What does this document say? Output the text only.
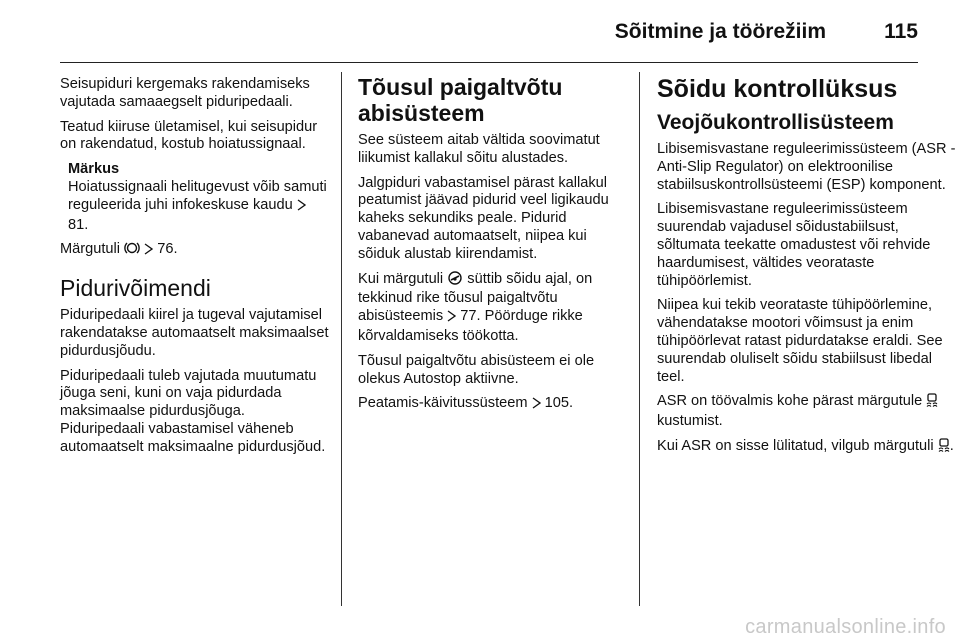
Sõitmine ja töörežiim	115

Seisupiduri kergemaks rakendamiseks vajutada samaaegselt piduripedaali.

Teatud kiiruse ületamisel, kui seisupidur on rakendatud, kostub hoiatussignaal.

Märkus

Hoiatussignaali helitugevust võib samuti reguleerida juhi infokeskuse kaudu  81.

Märgutuli	76.

Pidurivõimendi

Piduripedaali kiirel ja tugeval vajutamisel rakendatakse automaatselt maksimaalset pidurdusjõudu.

Piduripedaali tuleb vajutada muutumatu jõuga seni, kuni on vaja pidurdada maksimaalse pidurdusjõuga. Piduripedaali vabastamisel väheneb automaatselt maksimaalne pidurdusjõud.

Tõusul paigaltvõtu abisüsteem

See süsteem aitab vältida soovimatut liikumist kallakul sõitu alustades.

Jalgpiduri vabastamisel pärast kallakul peatumist jäävad pidurid veel ligikaudu kaheks sekundiks peale. Pidurid vabanevad automaatselt, niipea kui sõiduk alustab kiirendamist.

Kui märgutuli süttib sõidu ajal, on tekkinud rike tõusul paigaltvõtu abisüsteemis 77. Pöörduge rikke kõrvaldamiseks töökotta.

Tõusul paigaltvõtu abisüsteem ei ole olekus Autostop aktiivne.

Peatamis-käivitussüsteem 105.

Sõidu kontrollüksus
Veojõukontrollisüsteem

Libisemisvastane reguleerimissüsteem (ASR - Anti-Slip Regulator) on elektroonilise stabiilsuskontrollsüsteemi (ESP) komponent.

Libisemisvastane reguleerimissüsteem suurendab vajadusel sõidustabiilsust, sõltumata teekatte omadustest või rehvide haardumisest, vältides veorataste tühipöörlemist.

Niipea kui tekib veorataste tühipöörlemine, vähendatakse mootori võimsust ja enim tühipöörlevat ratast pidurdatakse eraldi. See suurendab oluliselt sõidu stabiilsust libedal teel.

ASR on töövalmis kohe pärast märgutule  kustumist.

Kui ASR on sisse lülitatud, vilgub märgutuli .

carmanualsonline.info
